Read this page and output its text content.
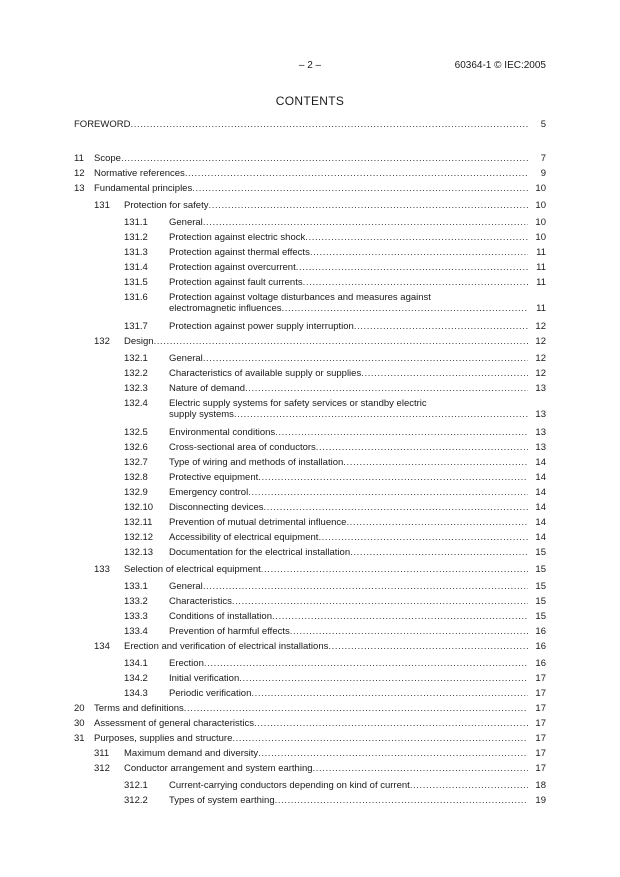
– 2 –	60364-1 © IEC:2005
CONTENTS
FOREWORD .....	5
11 Scope .....	7
12 Normative references .....	9
13 Fundamental principles .....	10
131 Protection for safety .....	10
131.1 General .....	10
131.2 Protection against electric shock .....	10
131.3 Protection against thermal effects .....	11
131.4 Protection against overcurrent .....	11
131.5 Protection against fault currents .....	11
131.6 Protection against voltage disturbances and measures against
electromagnetic influences .....	11
131.7 Protection against power supply interruption .....	12
132 Design .....	12
132.1 General .....	12
132.2 Characteristics of available supply or supplies .....	12
132.3 Nature of demand .....	13
132.4 Electric supply systems for safety services or standby electric
supply systems .....	13
132.5 Environmental conditions .....	13
132.6 Cross-sectional area of conductors .....	13
132.7 Type of wiring and methods of installation .....	14
132.8 Protective equipment .....	14
132.9 Emergency control .....	14
132.10 Disconnecting devices .....	14
132.11 Prevention of mutual detrimental influence .....	14
132.12 Accessibility of electrical equipment .....	14
132.13 Documentation for the electrical installation .....	15
133 Selection of electrical equipment .....	15
133.1 General .....	15
133.2 Characteristics .....	15
133.3 Conditions of installation .....	15
133.4 Prevention of harmful effects .....	16
134 Erection and verification of electrical installations .....	16
134.1 Erection .....	16
134.2 Initial verification .....	17
134.3 Periodic verification .....	17
20 Terms and definitions .....	17
30 Assessment of general characteristics .....	17
31 Purposes, supplies and structure .....	17
311 Maximum demand and diversity .....	17
312 Conductor arrangement and system earthing .....	17
312.1 Current-carrying conductors depending on kind of current .....	18
312.2 Types of system earthing .....	19
